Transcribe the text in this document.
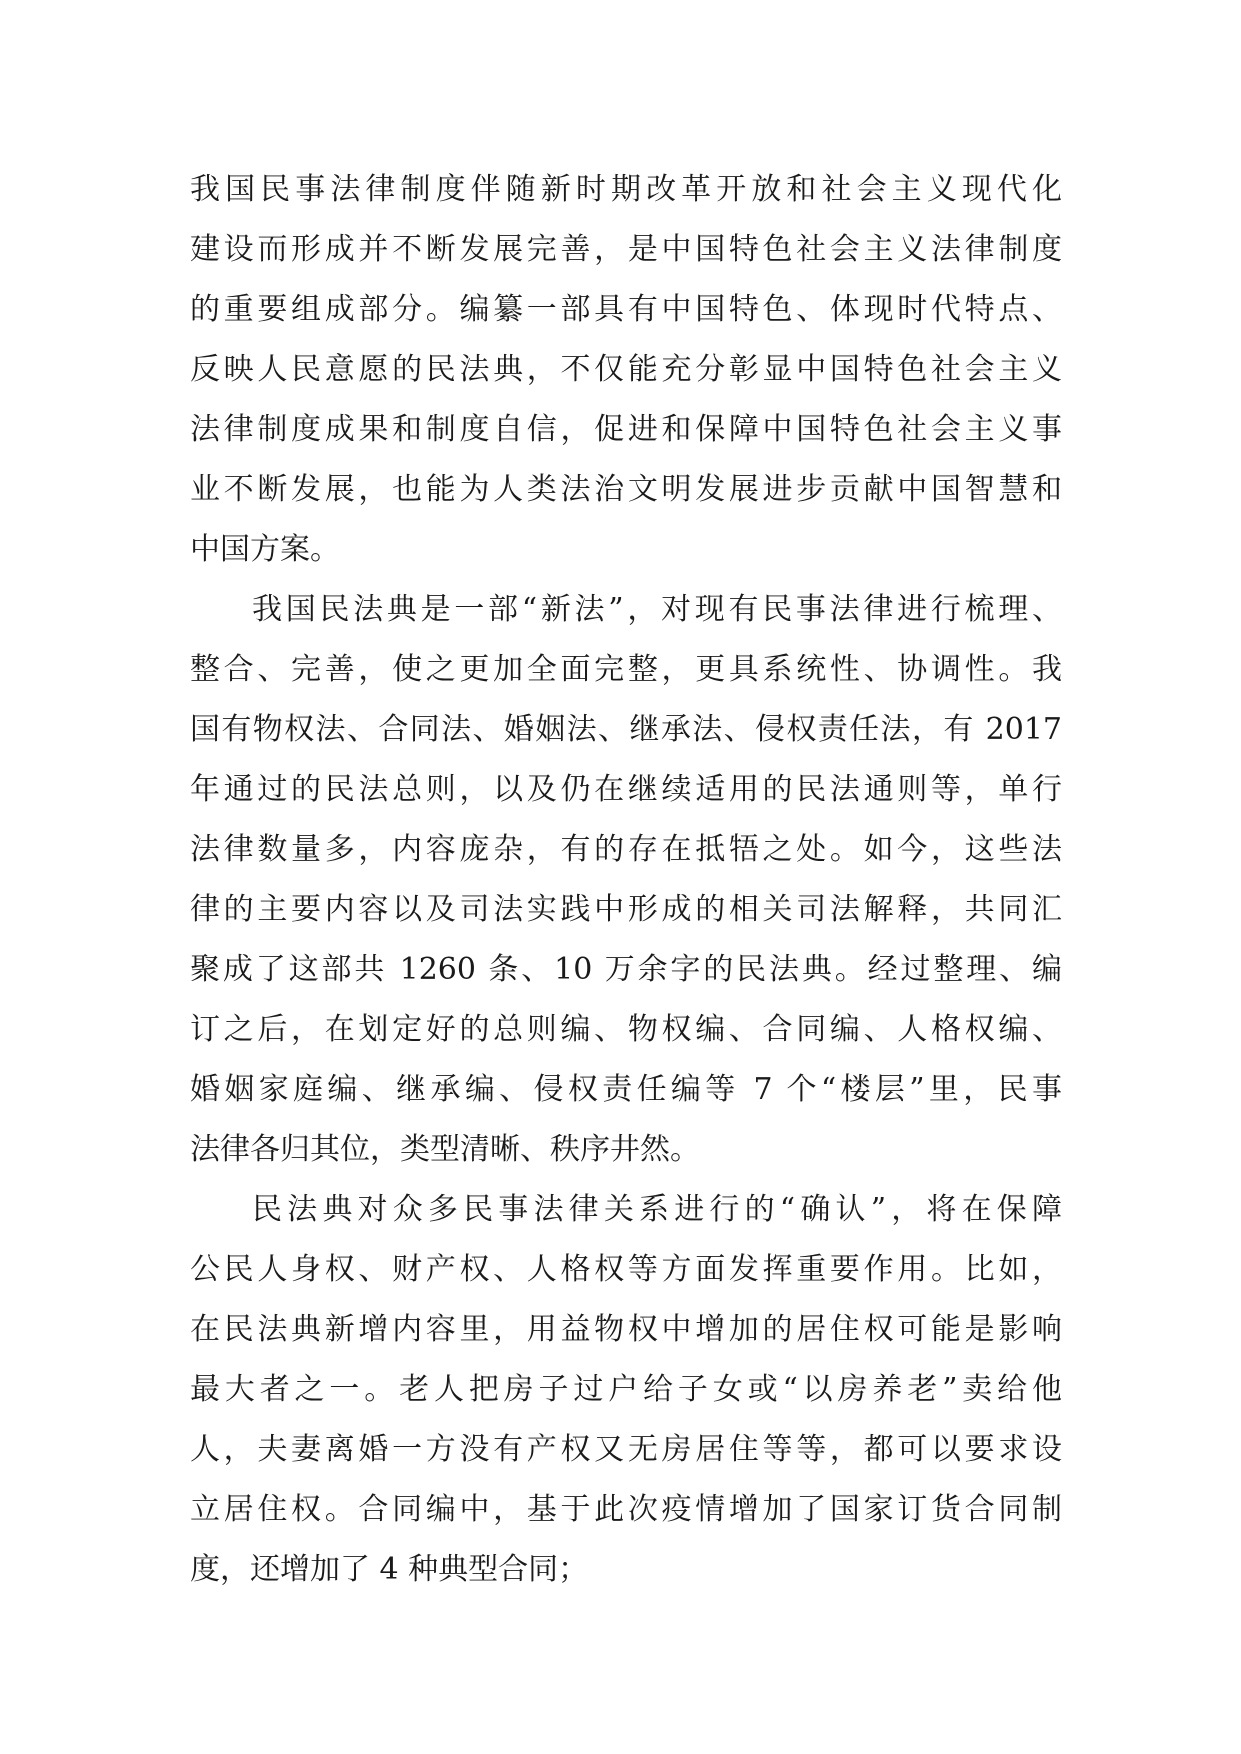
我国民事法律制度伴随新时期改革开放和社会主义现代化
建设而形成并不断发展完善，是中国特色社会主义法律制度
的重要组成部分。编纂一部具有中国特色、体现时代特点、
反映人民意愿的民法典，不仅能充分彰显中国特色社会主义
法律制度成果和制度自信，促进和保障中国特色社会主义事
业不断发展，也能为人类法治文明发展进步贡献中国智慧和
中国方案。
我国民法典是一部“新法”，对现有民事法律进行梳理、
整合、完善，使之更加全面完整，更具系统性、协调性。我
国有物权法、合同法、婚姻法、继承法、侵权责任法，有 2017
年通过的民法总则，以及仍在继续适用的民法通则等，单行
法律数量多，内容庞杂，有的存在抵牾之处。如今，这些法
律的主要内容以及司法实践中形成的相关司法解释，共同汇
聚成了这部共 1260 条、10 万余字的民法典。经过整理、编
订之后，在划定好的总则编、物权编、合同编、人格权编、
婚姻家庭编、继承编、侵权责任编等 7 个“楼层”里，民事
法律各归其位，类型清晰、秩序井然。
民法典对众多民事法律关系进行的“确认”，将在保障
公民人身权、财产权、人格权等方面发挥重要作用。比如，
在民法典新增内容里，用益物权中增加的居住权可能是影响
最大者之一。老人把房子过户给子女或“以房养老”卖给他
人，夫妻离婚一方没有产权又无房居住等等，都可以要求设
立居住权。合同编中，基于此次疫情增加了国家订货合同制
度，还增加了 4 种典型合同；
